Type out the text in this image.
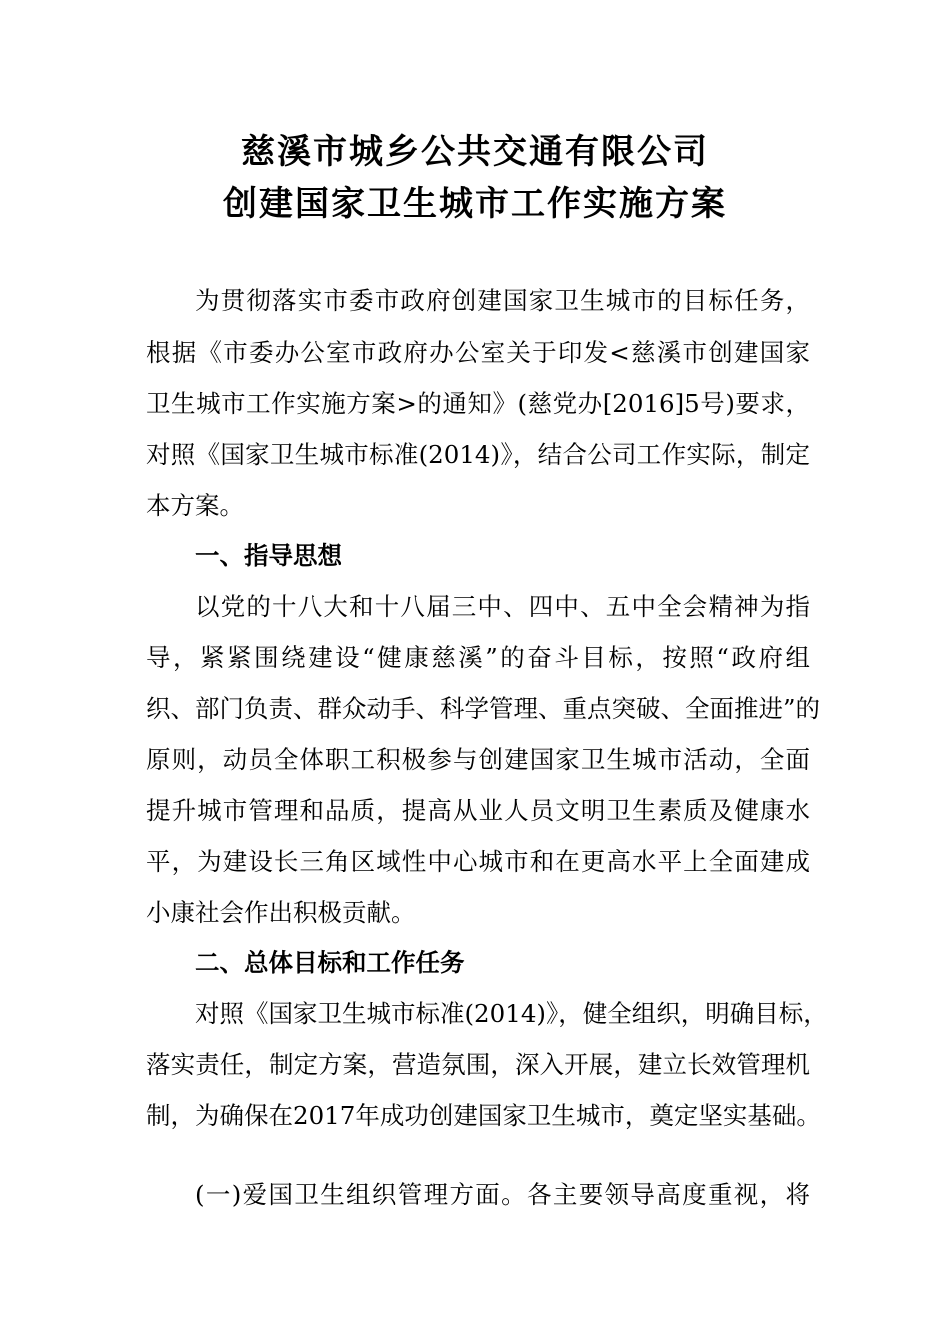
慈溪市城乡公共交通有限公司
创建国家卫生城市工作实施方案
为贯彻落实市委市政府创建国家卫生城市的目标任务，
根据《市委办公室市政府办公室关于印发<慈溪市创建国家
卫生城市工作实施方案>的通知》(慈党办[2016]5号)要求，
对照《国家卫生城市标准(2014)》，结合公司工作实际，制定
本方案。
一、指导思想
以党的十八大和十八届三中、四中、五中全会精神为指
导，紧紧围绕建设“健康慈溪”的奋斗目标，按照“政府组
织、部门负责、群众动手、科学管理、重点突破、全面推进”的
原则，动员全体职工积极参与创建国家卫生城市活动，全面
提升城市管理和品质，提高从业人员文明卫生素质及健康水
平，为建设长三角区域性中心城市和在更高水平上全面建成
小康社会作出积极贡献。
二、总体目标和工作任务
对照《国家卫生城市标准(2014)》，健全组织，明确目标，
落实责任，制定方案，营造氛围，深入开展，建立长效管理机
制，为确保在2017年成功创建国家卫生城市，奠定坚实基础。
(一)爱国卫生组织管理方面。各主要领导高度重视，将
